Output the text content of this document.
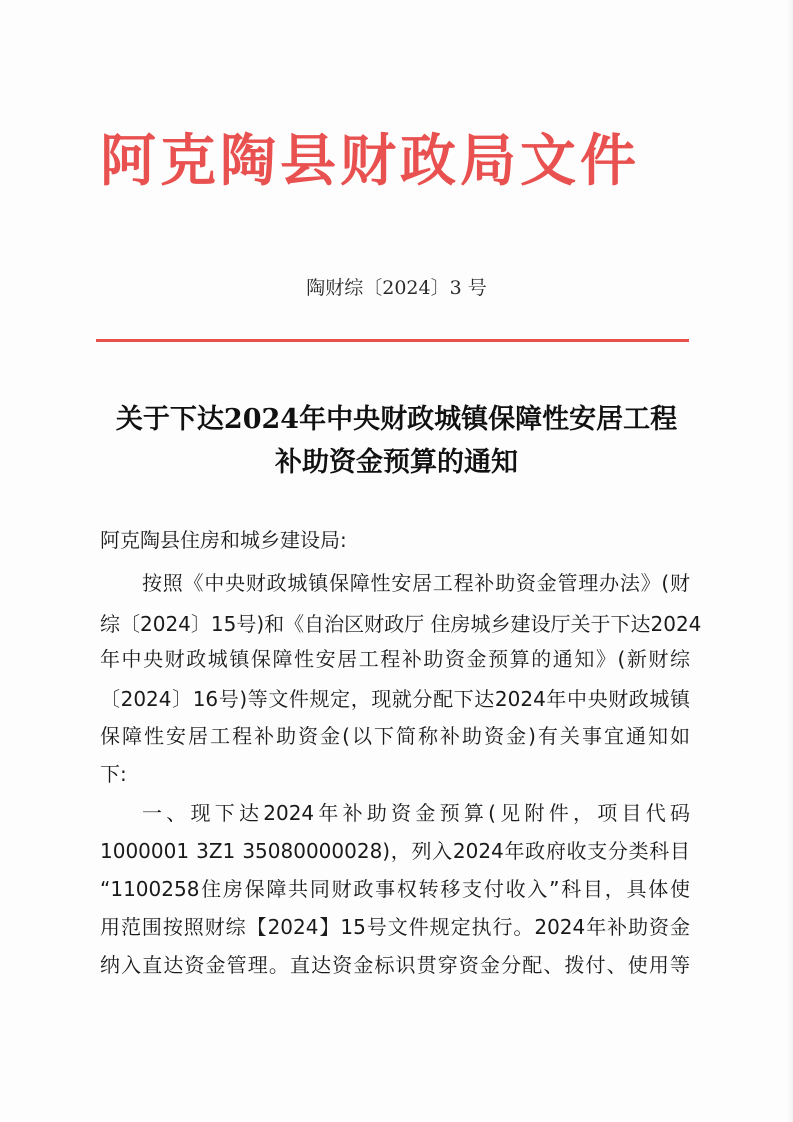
阿克陶县财政局文件
陶财综〔2024〕3 号
关于下达2024年中央财政城镇保障性安居工程
补助资金预算的通知
阿克陶县住房和城乡建设局:
按照《中央财政城镇保障性安居工程补助资金管理办法》(财
综〔2024〕15号)和《自治区财政厅 住房城乡建设厅关于下达2024
年中央财政城镇保障性安居工程补助资金预算的通知》(新财综
〔2024〕16号)等文件规定，现就分配下达2024年中央财政城镇
保障性安居工程补助资金(以下简称补助资金)有关事宜通知如
下:
一、现下达2024年补助资金预算(见附件，项目代码
1000001 3Z1 35080000028)，列入2024年政府收支分类科目
“1100258住房保障共同财政事权转移支付收入”科目，具体使
用范围按照财综【2024】15号文件规定执行。2024年补助资金
纳入直达资金管理。直达资金标识贯穿资金分配、拨付、使用等
